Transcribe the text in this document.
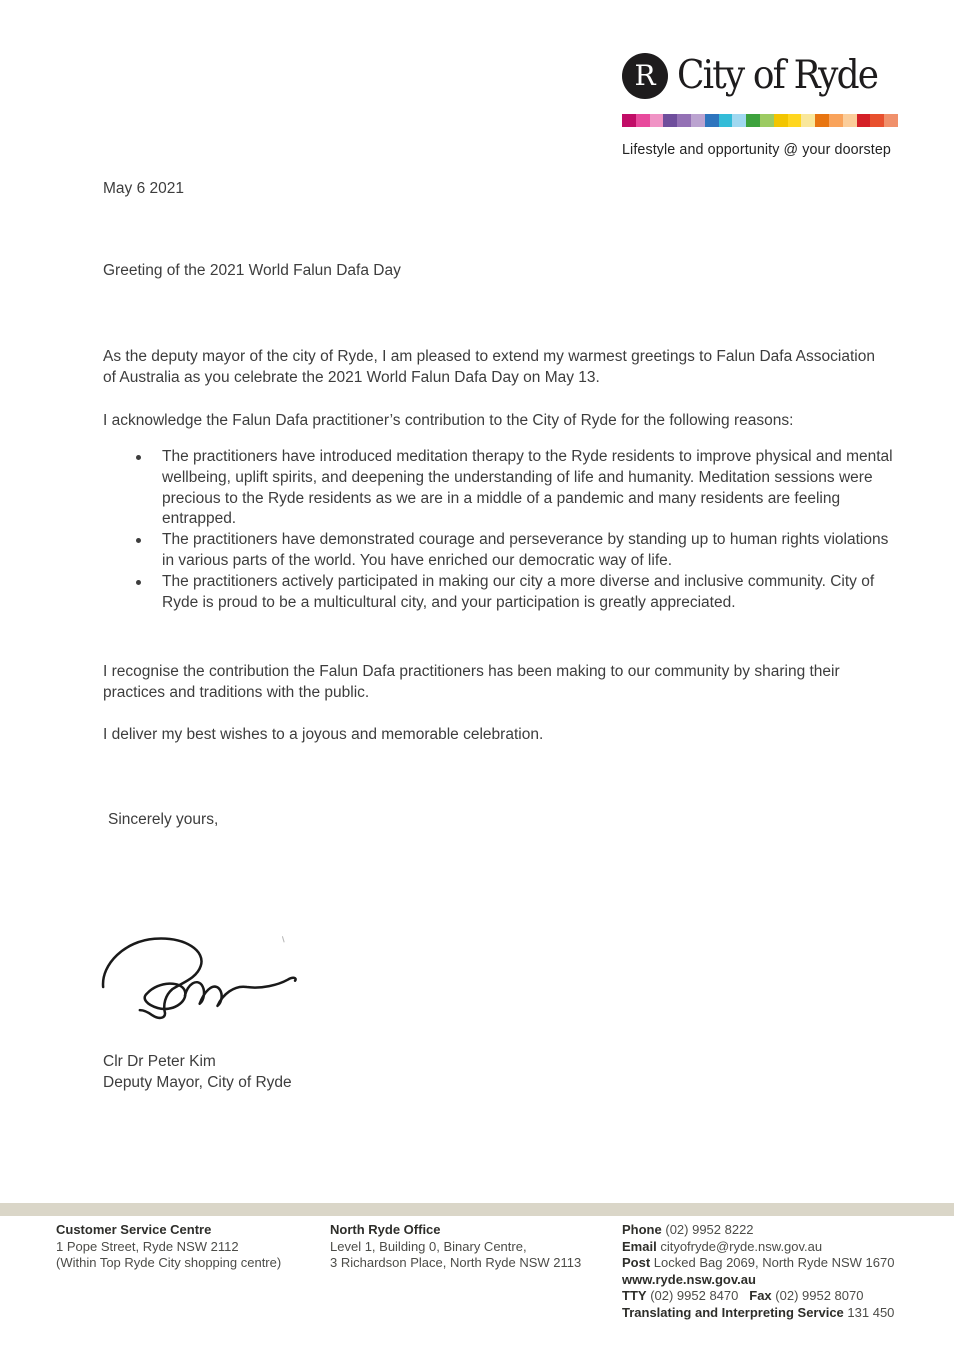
R City of Ryde
Lifestyle and opportunity @ your doorstep
May 6 2021
Greeting of the 2021 World Falun Dafa Day
As the deputy mayor of the city of Ryde, I am pleased to extend my warmest greetings to Falun Dafa Association of Australia as you celebrate the 2021 World Falun Dafa Day on May 13.
I acknowledge the Falun Dafa practitioner’s contribution to the City of Ryde for the following reasons:
The practitioners have introduced meditation therapy to the Ryde residents to improve physical and mental wellbeing, uplift spirits, and deepening the understanding of life and humanity. Meditation sessions were precious to the Ryde residents as we are in a middle of a pandemic and many residents are feeling entrapped.
The practitioners have demonstrated courage and perseverance by standing up to human rights violations in various parts of the world. You have enriched our democratic way of life.
The practitioners actively participated in making our city a more diverse and inclusive community. City of Ryde is proud to be a multicultural city, and your participation is greatly appreciated.
I recognise the contribution the Falun Dafa practitioners has been making to our community by sharing their practices and traditions with the public.
I deliver my best wishes to a joyous and memorable celebration.
Sincerely yours,
Clr Dr Peter Kim
Deputy Mayor, City of Ryde
Customer Service Centre
1 Pope Street, Ryde NSW 2112
(Within Top Ryde City shopping centre)
North Ryde Office
Level 1, Building 0, Binary Centre,
3 Richardson Place, North Ryde NSW 2113
Phone (02) 9952 8222
Email cityofryde@ryde.nsw.gov.au
Post Locked Bag 2069, North Ryde NSW 1670
www.ryde.nsw.gov.au
TTY (02) 9952 8470 Fax (02) 9952 8070
Translating and Interpreting Service 131 450
